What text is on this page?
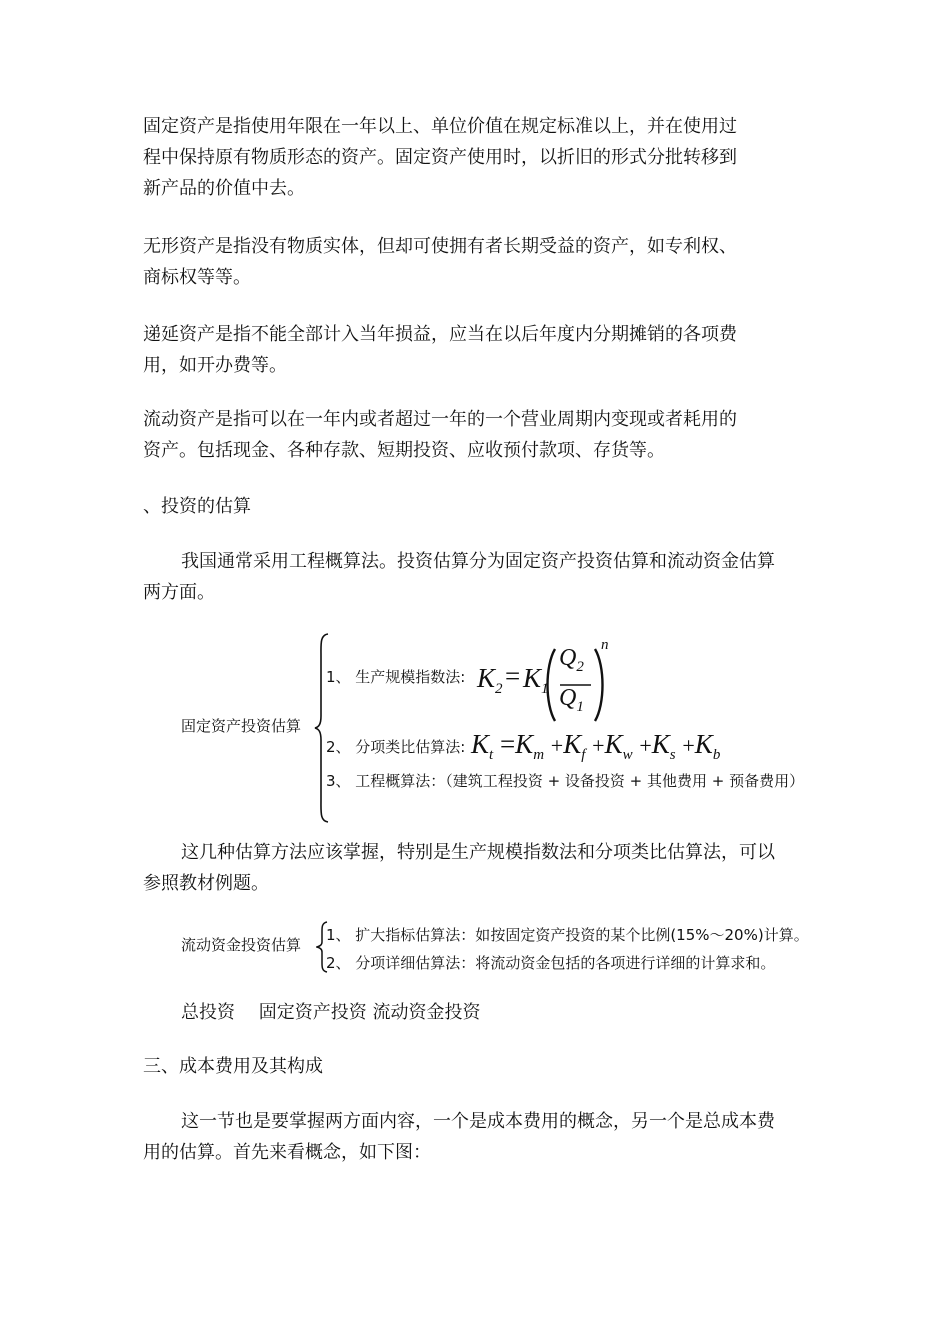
固定资产是指使用年限在一年以上、单位价值在规定标准以上，并在使用过
程中保持原有物质形态的资产。固定资产使用时，以折旧的形式分批转移到
新产品的价值中去。
无形资产是指没有物质实体，但却可使拥有者长期受益的资产，如专利权、
商标权等等。
递延资产是指不能全部计入当年损益，应当在以后年度内分期摊销的各项费
用，如开办费等。
流动资产是指可以在一年内或者超过一年的一个营业周期内变现或者耗用的
资产。包括现金、各种存款、短期投资、应收预付款项、存货等。
、投资的估算
我国通常采用工程概算法。投资估算分为固定资产投资估算和流动资金估算
两方面。
固定资产投资估算
1、 生产规模指数法: $K_2 = K_1$
$Q_2$
$Q_1$
n
2、 分项类比估算法: $K_t =K_m +K_f +K_w +K_s +K_b$
3、 工程概算法：（建筑工程投资 + 设备投资 + 其他费用 + 预备费用）
这几种估算方法应该掌握，特别是生产规模指数法和分项类比估算法，可以
参照教材例题。
流动资金投资估算
1、 扩大指标估算法：如按固定资产投资的某个比例(15%～20%)计算。
2、 分项详细估算法：将流动资金包括的各项进行详细的计算求和。
总投资　 固定资产投资 流动资金投资
三、成本费用及其构成
这一节也是要掌握两方面内容，一个是成本费用的概念，另一个是总成本费
用的估算。首先来看概念，如下图：
